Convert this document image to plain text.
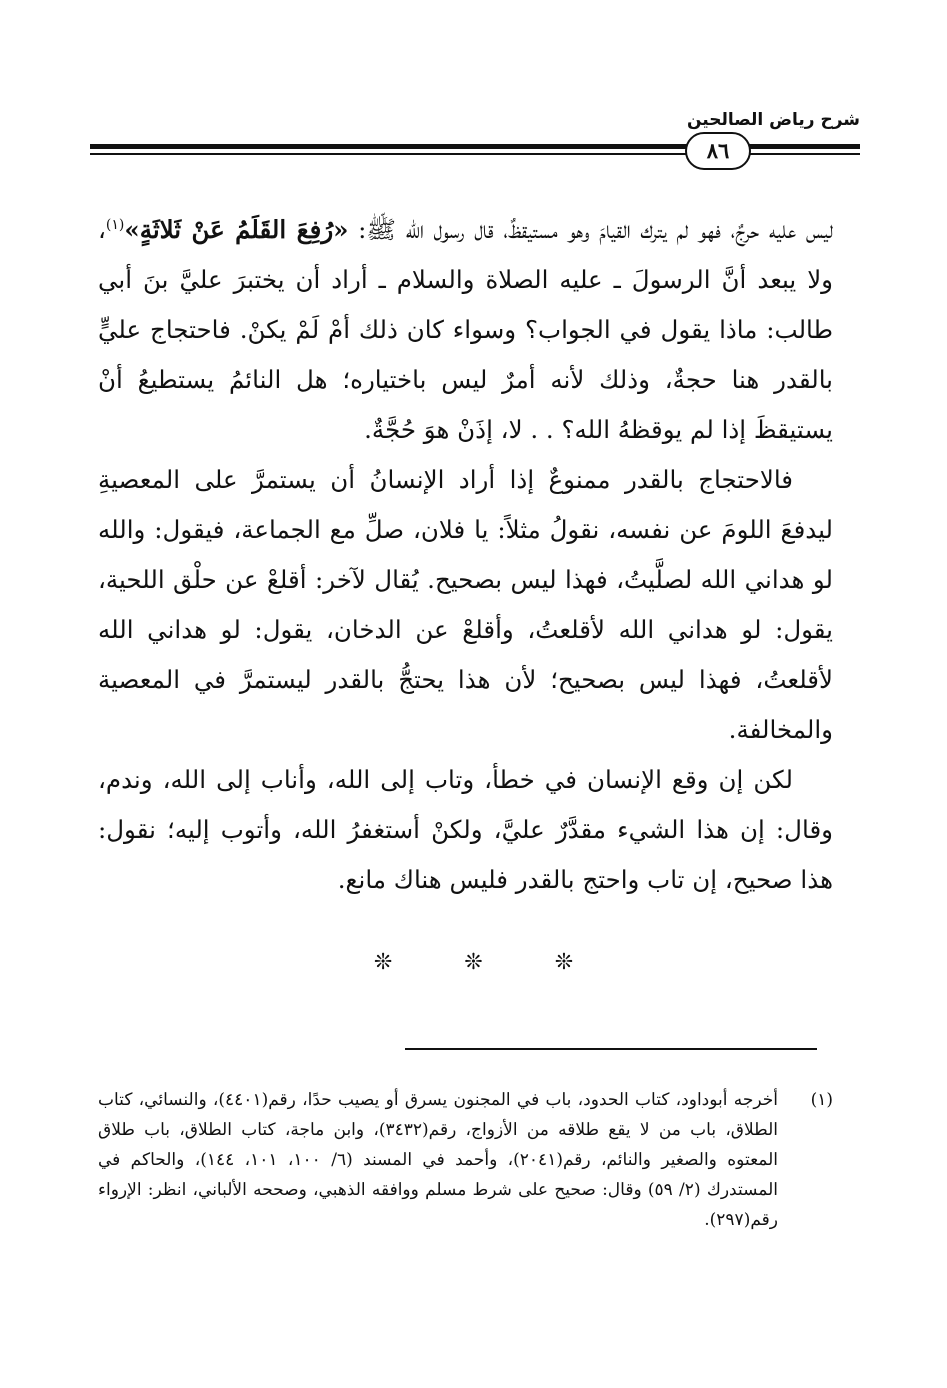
شرح رياض الصالحين
٨٦

ليس عليه حرجٌ، فهو لم يترك القيامَ وهو مستيقظٌ، قال رسول الله ﷺ: «رُفِعَ القَلَمُ عَنْ ثَلاثَةٍ»$^{(١)}$، ولا يبعد أنَّ الرسولَ ـ عليه الصلاة والسلام ـ أراد أن يختبرَ عليَّ بنَ أبي طالب: ماذا يقول في الجواب؟ وسواء كان ذلك أمْ لَمْ يكنْ. فاحتجاج عليٍّ بالقدر هنا حجةٌ، وذلك لأنه أمرٌ ليس باختياره؛ هل النائمُ يستطيعُ أنْ يستيقظَ إذا لم يوقظهُ الله؟ . . لا، إذَنْ هوَ حُجَّةٌ.

فالاحتجاج بالقدر ممنوعٌ إذا أراد الإنسانُ أن يستمرَّ على المعصيةِ ليدفعَ اللومَ عن نفسه، نقولُ مثلاً: يا فلان، صلِّ مع الجماعة، فيقول: والله لو هداني الله لصلَّيتُ، فهذا ليس بصحيح. يُقال لآخر: أقلعْ عن حلْق اللحية، يقول: لو هداني الله لأقلعتُ، وأقلعْ عن الدخان، يقول: لو هداني الله لأقلعتُ، فهذا ليس بصحيح؛ لأن هذا يحتجُّ بالقدر ليستمرَّ في المعصية والمخالفة.

لكن إن وقع الإنسان في خطأ، وتاب إلى الله، وأناب إلى الله، وندم، وقال: إن هذا الشيء مقدَّرٌ عليَّ، ولكنْ أستغفرُ الله، وأتوب إليه؛ نقول: هذا صحيح، إن تاب واحتج بالقدر فليس هناك مانع.

❊❊❊
(١)
أخرجه أبوداود، كتاب الحدود، باب في المجنون يسرق أو يصيب حدًا، رقم(٤٤٠١)، والنسائي، كتاب الطلاق، باب من لا يقع طلاقه من الأزواج، رقم(٣٤٣٢)، وابن ماجة، كتاب الطلاق، باب طلاق المعتوه والصغير والنائم، رقم(٢٠٤١)، وأحمد في المسند (٦/ ١٠٠، ١٠١، ١٤٤)، والحاكم في المستدرك (٢/ ٥٩) وقال: صحيح على شرط مسلم ووافقه الذهبي، وصححه الألباني، انظر: الإرواء رقم(٢٩٧).
